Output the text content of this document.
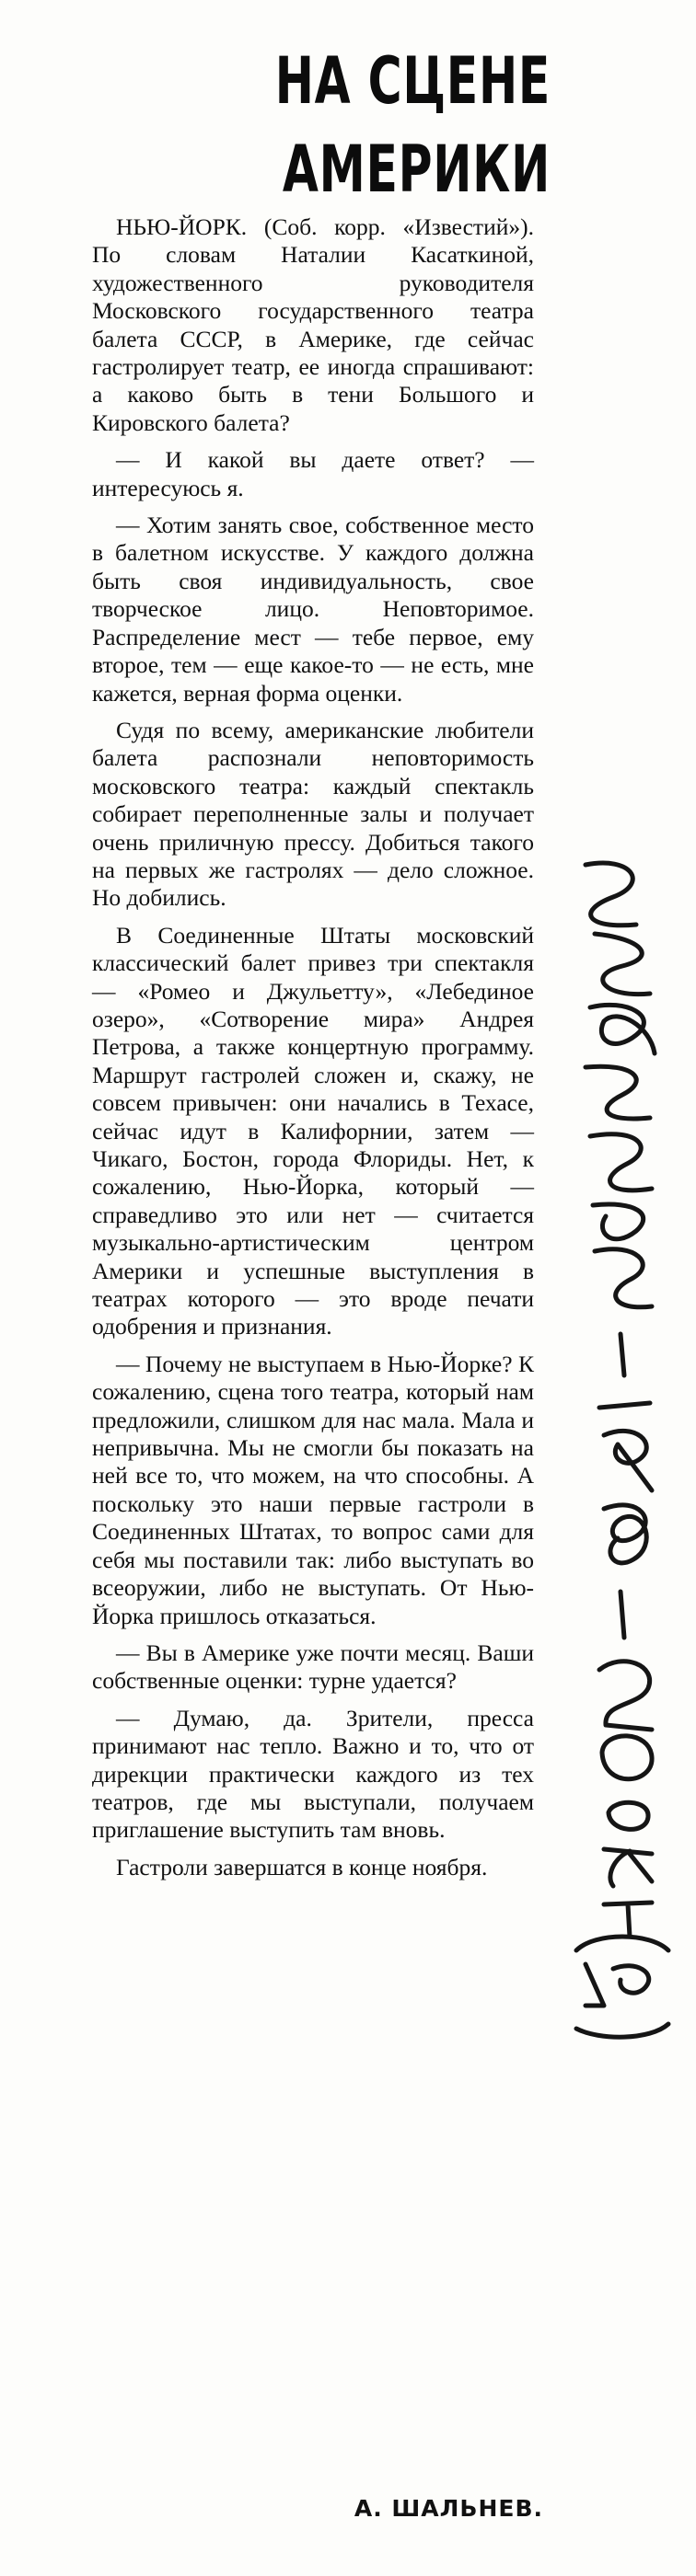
НА СЦЕНЕ
АМЕРИКИ

НЬЮ-ЙОРК. (Соб. корр. «Известий»). По словам Наталии Касаткиной, художественного руководителя Московского государственного театра балета СССР, в Америке, где сейчас гастролирует театр, ее иногда спрашивают: а каково быть в тени Большого и Кировского балета?

— И какой вы даете ответ? — интересуюсь я.

— Хотим занять свое, собственное место в балетном искусстве. У каждого должна быть своя индивидуальность, свое творческое лицо. Неповторимое. Распределение мест — тебе первое, ему второе, тем — еще какое-то — не есть, мне кажется, верная форма оценки.

Судя по всему, американские любители балета распознали неповторимость московского театра: каждый спектакль собирает переполненные залы и получает очень приличную прессу. Добиться такого на первых же гастролях — дело сложное. Но добились.

В Соединенные Штаты московский классический балет привез три спектакля — «Ромео и Джульетту», «Лебединое озеро», «Сотворение мира» Андрея Петрова, а также концертную программу. Маршрут гастролей сложен и, скажу, не совсем привычен: они начались в Техасе, сейчас идут в Калифорнии, затем — Чикаго, Бостон, города Флориды. Нет, к сожалению, Нью-Йорка, который — справедливо это или нет — считается музыкально-артистическим центром Америки и успешные выступления в театрах которого — это вроде печати одобрения и признания.

— Почему не выступаем в Нью-Йорке? К сожалению, сцена того театра, который нам предложили, слишком для нас мала. Мала и непривычна. Мы не смогли бы показать на ней все то, что можем, на что способны. А поскольку это наши первые гастроли в Соединенных Штатах, то вопрос сами для себя мы поставили так: либо выступать во всеоружии, либо не выступать. От Нью-Йорка пришлось отказаться.

— Вы в Америке уже почти месяц. Ваши собственные оценки: турне удается?

— Думаю, да. Зрители, пресса принимают нас тепло. Важно и то, что от дирекции практически каждого из тех театров, где мы выступали, получаем приглашение выступить там вновь.

Гастроли завершатся в конце ноября.

А. ШАЛЬНЕВ.
